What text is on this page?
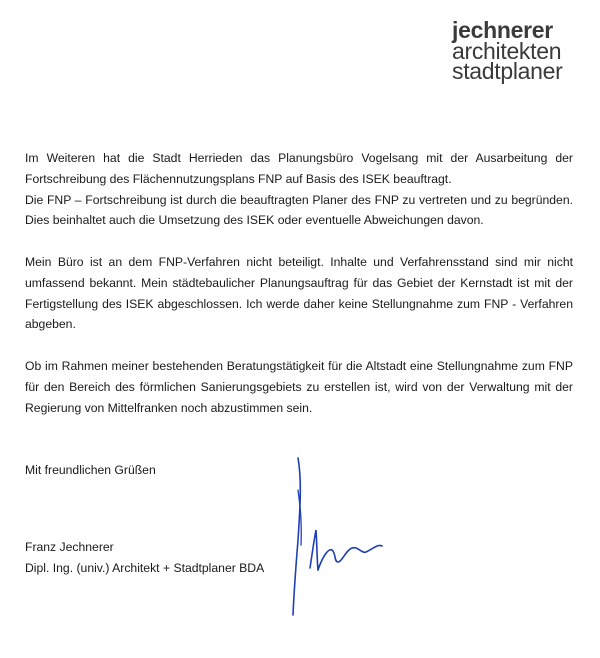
jechnerer
architekten
stadtplaner

Im Weiteren hat die Stadt Herrieden das Planungsbüro Vogelsang mit der Ausarbeitung der Fortschreibung des Flächennutzungsplans FNP auf Basis des ISEK beauftragt.

Die FNP – Fortschreibung ist durch die beauftragten Planer des FNP zu vertreten und zu begründen. Dies beinhaltet auch die Umsetzung des ISEK oder eventuelle Abweichungen davon.

Mein Büro ist an dem FNP-Verfahren nicht beteiligt. Inhalte und Verfahrensstand sind mir nicht umfassend bekannt. Mein städtebaulicher Planungsauftrag für das Gebiet der Kernstadt ist mit der Fertigstellung des ISEK abgeschlossen. Ich werde daher keine Stellungnahme zum FNP - Verfahren abgeben.

Ob im Rahmen meiner bestehenden Beratungstätigkeit für die Altstadt eine Stellungnahme zum FNP für den Bereich des förmlichen Sanierungsgebiets zu erstellen ist, wird von der Verwaltung mit der Regierung von Mittelfranken noch abzustimmen sein.

Mit freundlichen Grüßen

Franz Jechnerer

Dipl. Ing. (univ.) Architekt + Stadtplaner BDA
